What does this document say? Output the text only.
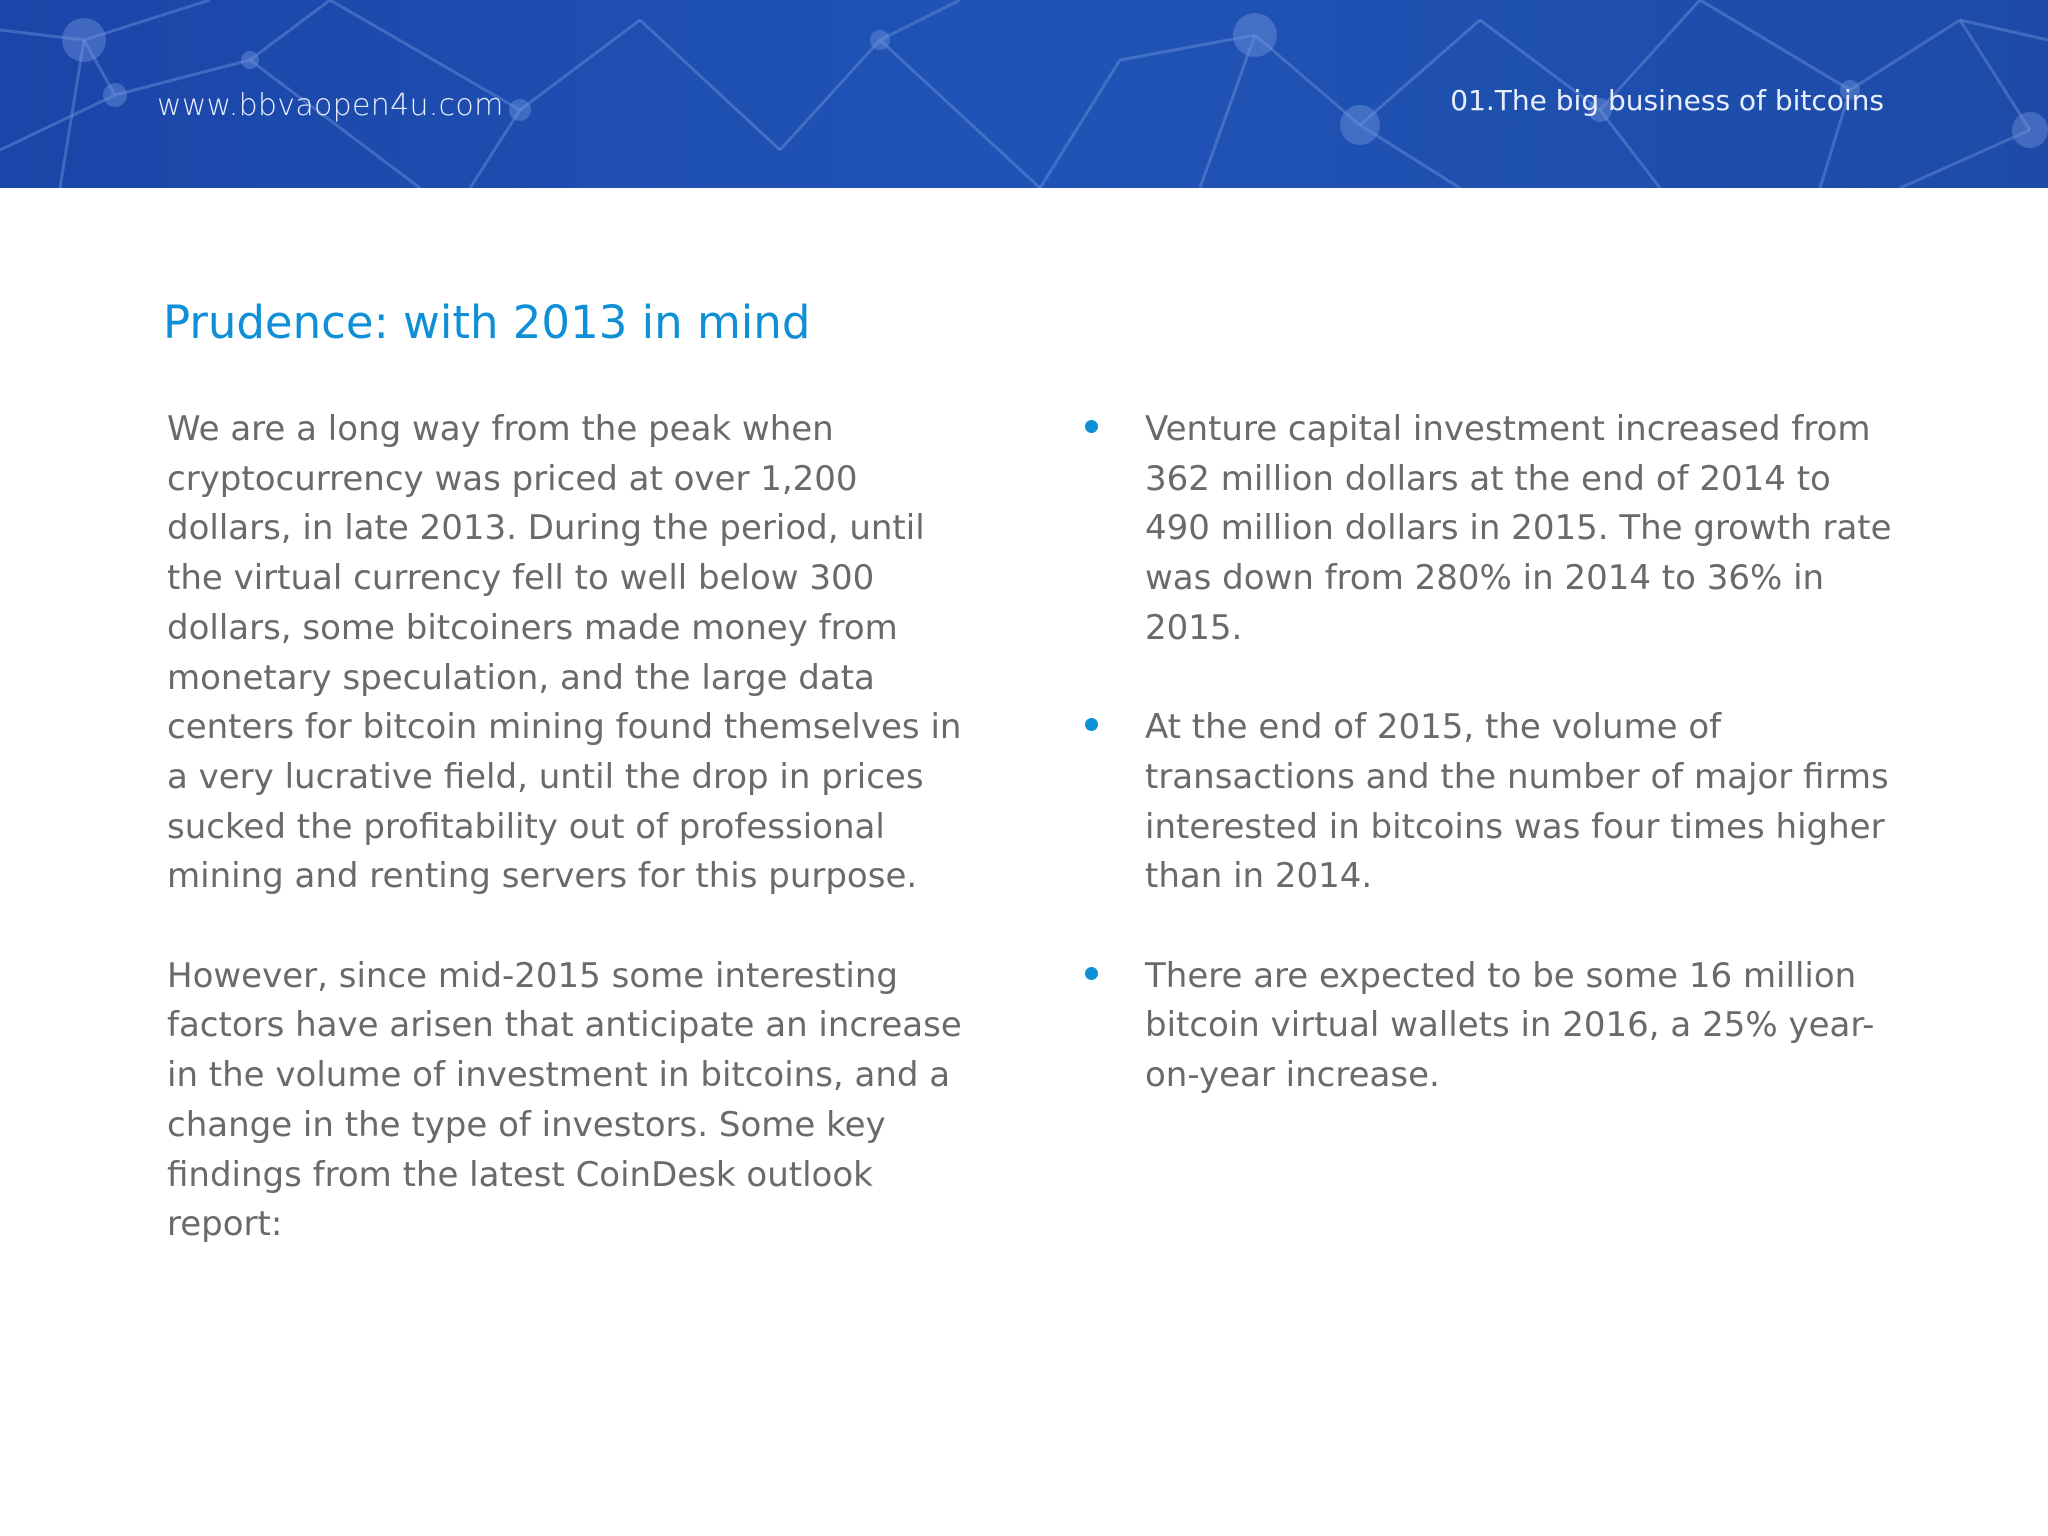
www.bbvaopen4u.com	01.The big business of bitcoins
Prudence: with 2013 in mind

We are a long way from the peak when cryptocurrency was priced at over 1,200 dollars, in late 2013. During the period, until the virtual currency fell to well below 300 dollars, some bitcoiners made money from monetary speculation, and the large data centers for bitcoin mining found themselves in a very lucrative field, until the drop in prices sucked the profitability out of professional mining and renting servers for this purpose.

However, since mid-2015 some interesting factors have arisen that anticipate an increase in the volume of investment in bitcoins, and a change in the type of investors. Some key findings from the latest CoinDesk outlook report:

Venture capital investment increased from 362 million dollars at the end of 2014 to 490 million dollars in 2015. The growth rate was down from 280% in 2014 to 36% in 2015.
At the end of 2015, the volume of transactions and the number of major firms interested in bitcoins was four times higher than in 2014.
There are expected to be some 16 million bitcoin virtual wallets in 2016, a 25% year-on-year increase.
